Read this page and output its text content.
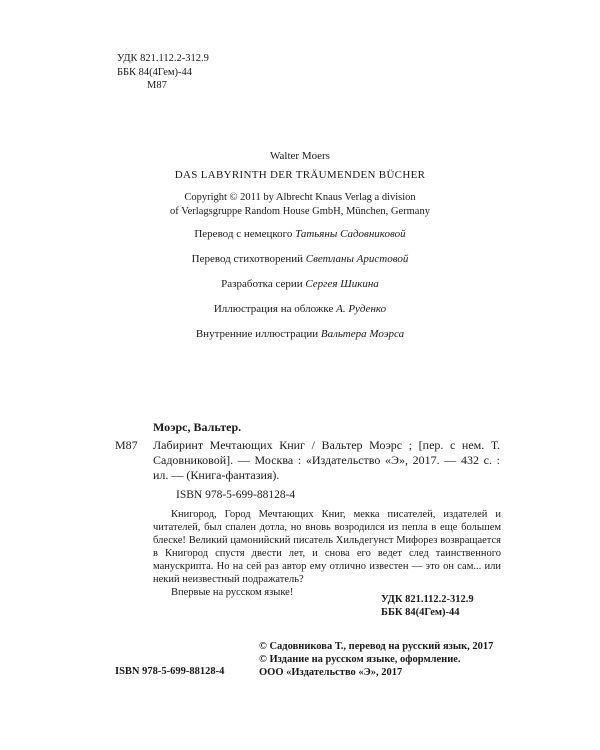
УДК 821.112.2-312.9
ББК 84(4Гем)-44
М87
Walter Moers
DAS LABYRINTH DER TRÄUMENDEN BÜCHER
Copyright © 2011 by Albrecht Knaus Verlag a division
of Verlagsgruppe Random House GmbH, München, Germany
Перевод с немецкого Татьяны Садовниковой
Перевод стихотворений Светланы Аристовой
Разработка серии Сергея Шикина
Иллюстрация на обложке А. Руденко
Внутренние иллюстрации Вальтера Моэрса
Моэрс, Вальтер.
М87 Лабиринт Мечтающих Книг / Вальтер Моэрс ; [пер. с нем. Т. Садовниковой]. — Москва : «Издательство «Э», 2017. — 432 с. : ил. — (Книга-фантазия).
ISBN 978-5-699-88128-4
Книгород, Город Мечтающих Книг, мекка писателей, издателей и читателей, был спален дотла, но вновь возродился из пепла в еще большем блеске! Великий цамонийский писатель Хильдегунст Мифорез возвращается в Книгород спустя двести лет, и снова его ведет след таинственного манускрипта. Но на сей раз автор ему отлично известен — это он сам... или некий неизвестный подражатель?
Впервые на русском языке!
УДК 821.112.2-312.9
ББК 84(4Гем)-44
© Садовникова Т., перевод на русский язык, 2017
© Издание на русском языке, оформление.
ООО «Издательство «Э», 2017
ISBN 978-5-699-88128-4
